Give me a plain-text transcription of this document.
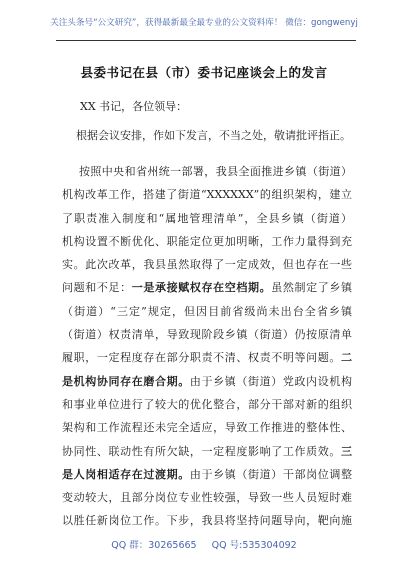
关注头条号“公文研究”，获得最新最全最专业的公文资料库！ 微信：gongwenyj
县委书记在县（市）委书记座谈会上的发言
XX 书记，各位领导：
根据会议安排，作如下发言，不当之处，敬请批评指正。
按照中央和省州统一部署，我县全面推进乡镇（街道）
机构改革工作，搭建了街道“XXXXXX”的组织架构，建立
了职责准入制度和“属地管理清单”，全县乡镇（街道）
机构设置不断优化、职能定位更加明晰，工作力量得到充
实。此次改革，我县虽然取得了一定成效，但也存在一些
问题和不足：一是承接赋权存在空档期。虽然制定了乡镇
（街道）“三定”规定，但因目前省级尚未出台全省乡镇
（街道）权责清单，导致现阶段乡镇（街道）仍按原清单
履职，一定程度存在部分职责不清、权责不明等问题。二
是机构协同存在磨合期。由于乡镇（街道）党政内设机构
和事业单位进行了较大的优化整合，部分干部对新的组织
架构和工作流程还未完全适应，导致工作推进的整体性、
协同性、联动性有所欠缺，一定程度影响了工作质效。三
是人岗相适存在过渡期。由于乡镇（街道）干部岗位调整
变动较大，且部分岗位专业性较强，导致一些人员短时难
以胜任新岗位工作。下步，我县将坚持问题导向，靶向施
QQ 群：30265665 QQ 号:535304092
